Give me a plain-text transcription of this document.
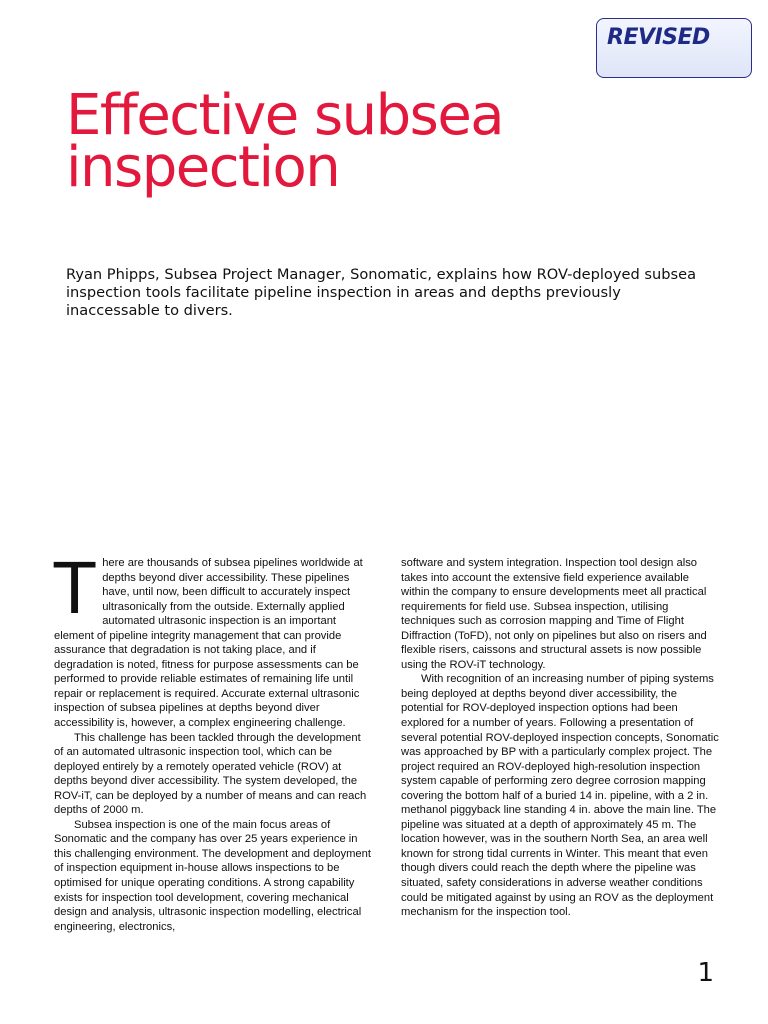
REVISED
Effective subsea
inspection

Ryan Phipps, Subsea Project Manager, Sonomatic, explains how ROV-deployed subsea inspection tools facilitate pipeline inspection in areas and depths previously inaccessable to divers.

There are thousands of subsea pipelines worldwide at depths beyond diver accessibility. These pipelines have, until now, been difficult to accurately inspect ultrasonically from the outside. Externally applied automated ultrasonic inspection is an important element of pipeline integrity management that can provide assurance that degradation is not taking place, and if degradation is noted, fitness for purpose assessments can be performed to provide reliable estimates of remaining life until repair or replacement is required. Accurate external ultrasonic inspection of subsea pipelines at depths beyond diver accessibility is, however, a complex engineering challenge.

This challenge has been tackled through the development of an automated ultrasonic inspection tool, which can be deployed entirely by a remotely operated vehicle (ROV) at depths beyond diver accessibility. The system developed, the ROV-iT, can be deployed by a number of means and can reach depths of 2000 m.

Subsea inspection is one of the main focus areas of Sonomatic and the company has over 25 years experience in this challenging environment. The development and deployment of inspection equipment in-house allows inspections to be optimised for unique operating conditions. A strong capability exists for inspection tool development, covering mechanical design and analysis, ultrasonic inspection modelling, electrical engineering, electronics,

software and system integration. Inspection tool design also takes into account the extensive field experience available within the company to ensure developments meet all practical requirements for field use. Subsea inspection, utilising techniques such as corrosion mapping and Time of Flight Diffraction (ToFD), not only on pipelines but also on risers and flexible risers, caissons and structural assets is now possible using the ROV-iT technology.

With recognition of an increasing number of piping systems being deployed at depths beyond diver accessibility, the potential for ROV-deployed inspection options had been explored for a number of years. Following a presentation of several potential ROV-deployed inspection concepts, Sonomatic was approached by BP with a particularly complex project. The project required an ROV-deployed high-resolution inspection system capable of performing zero degree corrosion mapping covering the bottom half of a buried 14 in. pipeline, with a 2 in. methanol piggyback line standing 4 in. above the main line. The pipeline was situated at a depth of approximately 45 m. The location however, was in the southern North Sea, an area well known for strong tidal currents in Winter. This meant that even though divers could reach the depth where the pipeline was situated, safety considerations in adverse weather conditions could be mitigated against by using an ROV as the deployment mechanism for the inspection tool.

1
